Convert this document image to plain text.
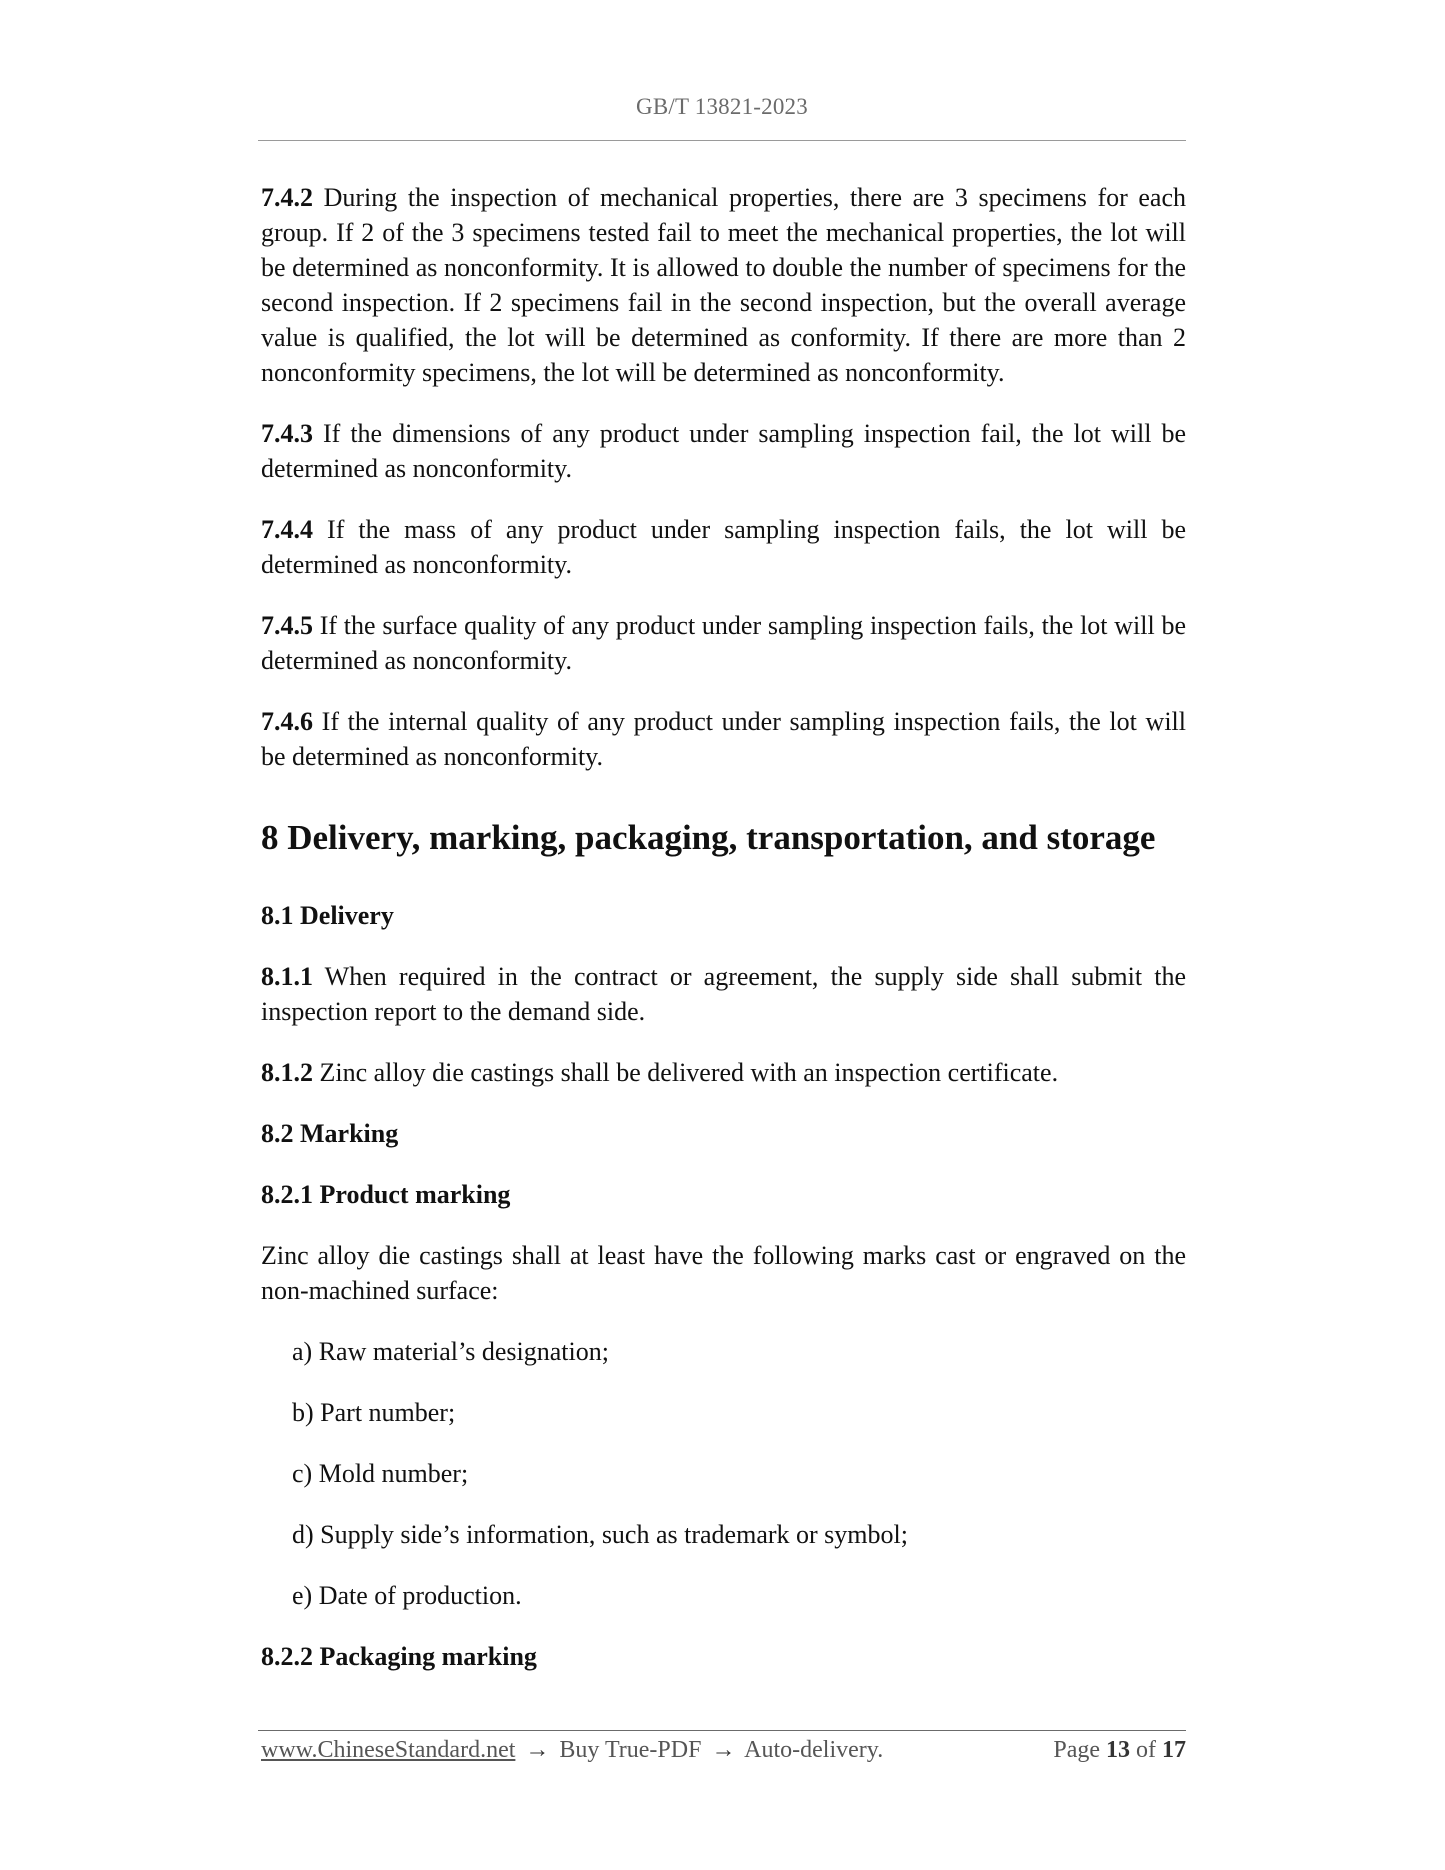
GB/T 13821-2023

7.4.2 During the inspection of mechanical properties, there are 3 specimens for each group. If 2 of the 3 specimens tested fail to meet the mechanical properties, the lot will be determined as nonconformity. It is allowed to double the number of specimens for the second inspection. If 2 specimens fail in the second inspection, but the overall average value is qualified, the lot will be determined as conformity. If there are more than 2 nonconformity specimens, the lot will be determined as nonconformity.

7.4.3 If the dimensions of any product under sampling inspection fail, the lot will be determined as nonconformity.

7.4.4 If the mass of any product under sampling inspection fails, the lot will be determined as nonconformity.

7.4.5 If the surface quality of any product under sampling inspection fails, the lot will be determined as nonconformity.

7.4.6 If the internal quality of any product under sampling inspection fails, the lot will be determined as nonconformity.

8 Delivery, marking, packaging, transportation, and storage
8.1 Delivery

8.1.1 When required in the contract or agreement, the supply side shall submit the inspection report to the demand side.

8.1.2 Zinc alloy die castings shall be delivered with an inspection certificate.

8.2 Marking
8.2.1 Product marking

Zinc alloy die castings shall at least have the following marks cast or engraved on the non-machined surface:

a) Raw material’s designation;
b) Part number;
c) Mold number;
d) Supply side’s information, such as trademark or symbol;
e) Date of production.
8.2.2 Packaging marking
www.ChineseStandard.net → Buy True-PDF → Auto-delivery.	Page 13 of 17
